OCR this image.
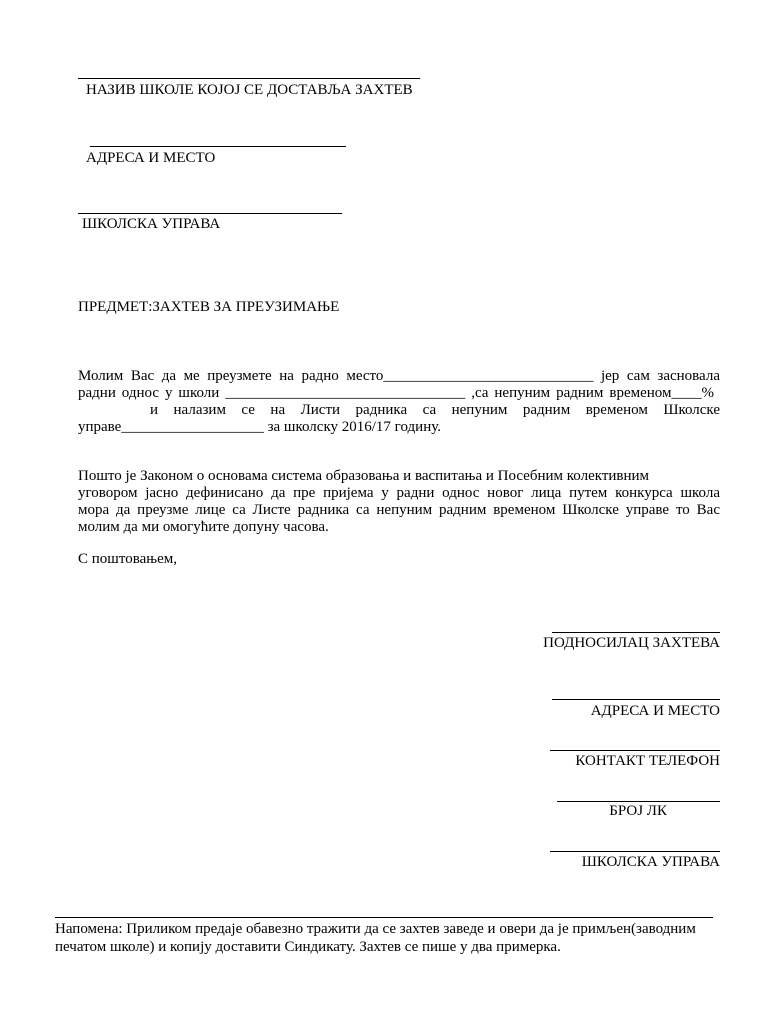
НАЗИВ ШКОЛЕ КОЈОЈ СЕ ДОСТАВЉА ЗАХТЕВ
АДРЕСА И МЕСТО
ШКОЛСКА УПРАВА
ПРЕДМЕТ:ЗАХТЕВ ЗА ПРЕУЗИМАЊЕ
Молим Вас да ме преузмете на радно место____________________________ јер сам засновала
радни однос у школи ________________________________ ,са непуним радним временом____%
и налазим се на Листи радника са непуним радним временом Школске
управе___________________ за школску 2016/17 годину.
Пошто је Законом о основама система образовања и васпитања и Посебним колективним
уговором јасно дефинисано да пре пријема у радни однос новог лица путем конкурса школа
мора да преузме лице са Листе радника са непуним радним временом Школске управе то Вас
молим да ми омогућите допуну часова.
С поштовањем,
ПОДНОСИЛАЦ ЗАХТЕВА
АДРЕСА И МЕСТО
КОНТАКТ ТЕЛЕФОН
БРОЈ ЛК
ШКОЛСКА УПРАВА
Напомена: Приликом предаје обавезно тражити да се захтев заведе и овери да је примљен(заводним
печатом школе) и копију доставити Синдикату. Захтев се пише у два примерка.
